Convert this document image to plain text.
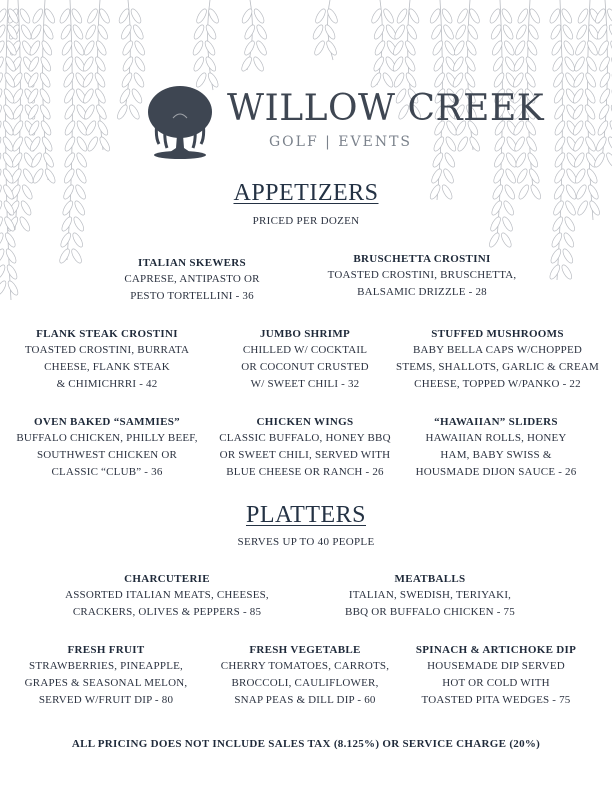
WILLOW CREEK
GOLF | EVENTS
APPETIZERS
PRICED PER DOZEN
ITALIAN SKEWERS
CAPRESE, ANTIPASTO OR
PESTO TORTELLINI - 36
BRUSCHETTA CROSTINI
TOASTED CROSTINI, BRUSCHETTA,
BALSAMIC DRIZZLE - 28
FLANK STEAK CROSTINI
TOASTED CROSTINI, BURRATA
CHEESE, FLANK STEAK
& CHIMICHRRI - 42
JUMBO SHRIMP
CHILLED W/ COCKTAIL
OR COCONUT CRUSTED
W/ SWEET CHILI - 32
STUFFED MUSHROOMS
BABY BELLA CAPS W/CHOPPED
STEMS, SHALLOTS, GARLIC & CREAM
CHEESE, TOPPED W/PANKO - 22
OVEN BAKED “SAMMIES”
BUFFALO CHICKEN, PHILLY BEEF,
SOUTHWEST CHICKEN OR
CLASSIC “CLUB” - 36
CHICKEN WINGS
CLASSIC BUFFALO, HONEY BBQ
OR SWEET CHILI, SERVED WITH
BLUE CHEESE OR RANCH - 26
“HAWAIIAN” SLIDERS
HAWAIIAN ROLLS, HONEY
HAM, BABY SWISS &
HOUSMADE DIJON SAUCE - 26
PLATTERS
SERVES UP TO 40 PEOPLE
CHARCUTERIE
ASSORTED ITALIAN MEATS, CHEESES,
CRACKERS, OLIVES & PEPPERS - 85
MEATBALLS
ITALIAN, SWEDISH, TERIYAKI,
BBQ OR BUFFALO CHICKEN - 75
FRESH FRUIT
STRAWBERRIES, PINEAPPLE,
GRAPES & SEASONAL MELON,
SERVED W/FRUIT DIP - 80
FRESH VEGETABLE
CHERRY TOMATOES, CARROTS,
BROCCOLI, CAULIFLOWER,
SNAP PEAS & DILL DIP - 60
SPINACH & ARTICHOKE DIP
HOUSEMADE DIP SERVED
HOT OR COLD WITH
TOASTED PITA WEDGES - 75
ALL PRICING DOES NOT INCLUDE SALES TAX (8.125%) OR SERVICE CHARGE (20%)
